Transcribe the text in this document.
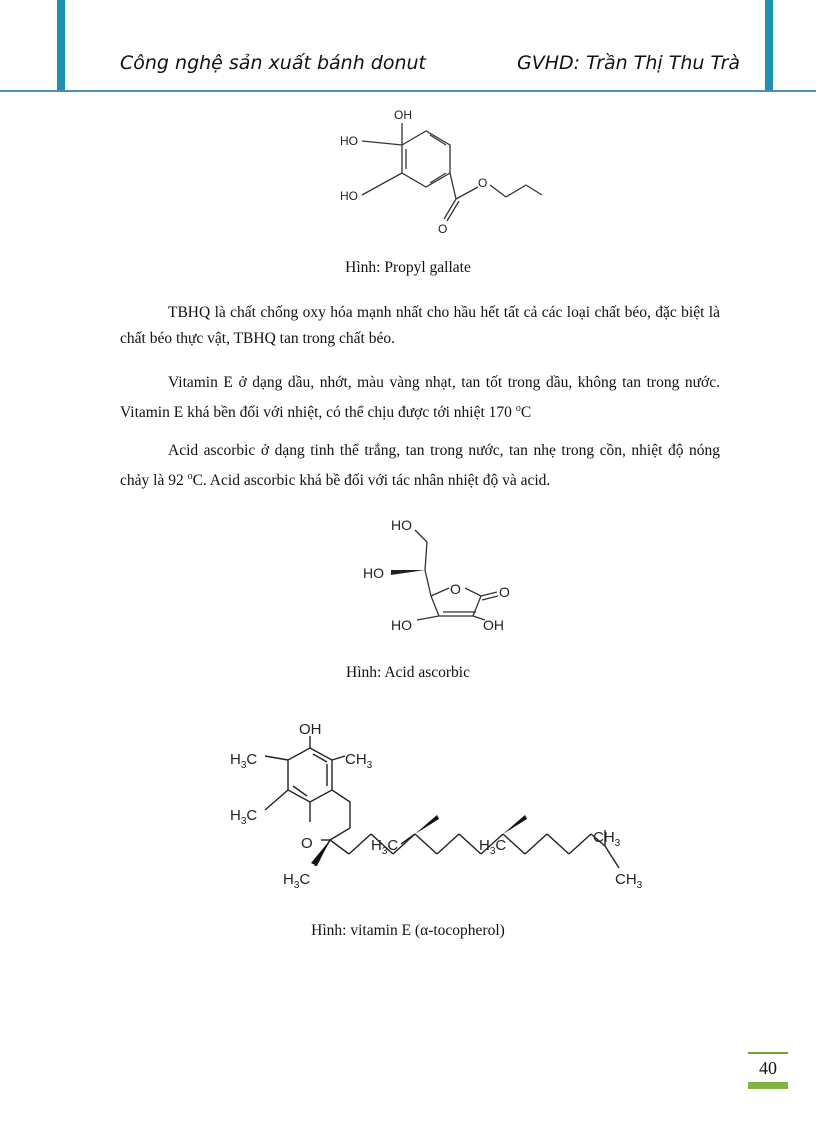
Công nghệ sản xuất bánh donut	GVHD: Trần Thị Thu Trà
OH
HO
HO
O
O
Hình: Propyl gallate

TBHQ là chất chống oxy hóa mạnh nhất cho hầu hết tất cả các loại chất béo, đặc biệt là chất béo thực vật, TBHQ tan trong chất béo.

Vitamin E ở dạng dầu, nhớt, màu vàng nhạt, tan tốt trong dầu, không tan trong nước. Vitamin E khá bền đối với nhiệt, có thể chịu được tới nhiệt 170 $^o$C

Acid ascorbic ở dạng tinh thể trắng, tan trong nước, tan nhẹ trong cồn, nhiệt độ nóng chảy là 92 $^o$C. Acid ascorbic khá bề đối với tác nhân nhiệt độ và acid.

HO
HO
O	O
HO	OH
Hình: Acid ascorbic
OH
$H_3C$	$CH_3$
$H_3C$
O
$H_3C$
$H_3C$	$H_3C$	$CH_3$
$CH_3$
Hình: vitamin E (α-tocopherol)
40
